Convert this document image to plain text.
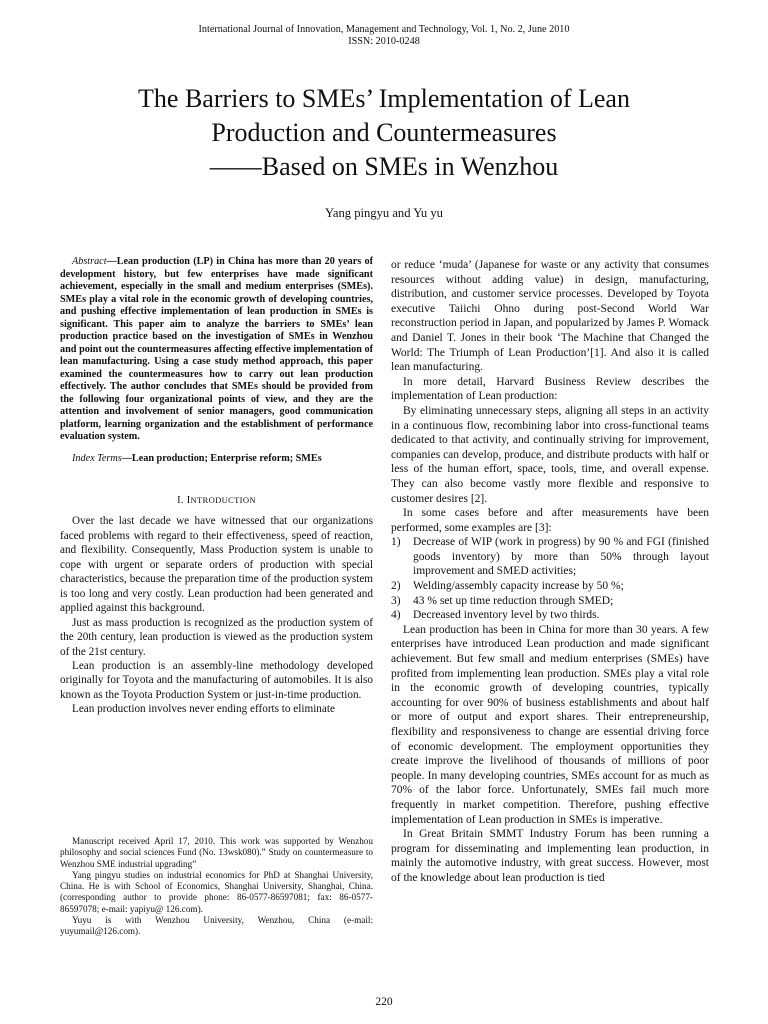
International Journal of Innovation, Management and Technology, Vol. 1, No. 2, June 2010
ISSN: 2010-0248
The Barriers to SMEs’ Implementation of Lean
Production and Countermeasures
——Based on SMEs in Wenzhou
Yang pingyu and Yu yu

Abstract—Lean production (LP) in China has more than 20 years of development history, but few enterprises have made significant achievement, especially in the small and medium enterprises (SMEs). SMEs play a vital role in the economic growth of developing countries, and pushing effective implementation of lean production in SMEs is significant. This paper aim to analyze the barriers to SMEs’ lean production practice based on the investigation of SMEs in Wenzhou and point out the countermeasures affecting effective implementation of lean manufacturing. Using a case study method approach, this paper examined the countermeasures how to carry out lean production effectively. The author concludes that SMEs should be provided from the following four organizational points of view, and they are the attention and involvement of senior managers, good communication platform, learning organization and the establishment of performance evaluation system.

Index Terms—Lean production; Enterprise reform; SMEs

I. INTRODUCTION

Over the last decade we have witnessed that our organizations faced problems with regard to their effectiveness, speed of reaction, and flexibility. Consequently, Mass Production system is unable to cope with urgent or separate orders of production with special characteristics, because the preparation time of the production system is too long and very costly. Lean production had been generated and applied against this background.

Just as mass production is recognized as the production system of the 20th century, lean production is viewed as the production system of the 21st century.

Lean production is an assembly-line methodology developed originally for Toyota and the manufacturing of automobiles. It is also known as the Toyota Production System or just-in-time production.

Lean production involves never ending efforts to eliminate

Manuscript received April 17, 2010. This work was supported by Wenzhou philosophy and social sciences Fund (No. 13wsk080).” Study on countermeasure to Wenzhou SME industrial upgrading”

Yang pingyu studies on industrial economics for PhD at Shanghai University, China. He is with School of Economics, Shanghai University, Shanghai, China. (corresponding author to provide phone: 86-0577-86597081; fax: 86-0577-86597078; e-mail: yapiyu@ 126.com).

Yuyu is with Wenzhou University, Wenzhou, China (e-mail: yuyumail@126.com).

or reduce ‘muda’ (Japanese for waste or any activity that consumes resources without adding value) in design, manufacturing, distribution, and customer service processes. Developed by Toyota executive Taiichi Ohno during post-Second World War reconstruction period in Japan, and popularized by James P. Womack and Daniel T. Jones in their book ‘The Machine that Changed the World: The Triumph of Lean Production’[1]. And also it is called lean manufacturing.

In more detail, Harvard Business Review describes the implementation of Lean production:

By eliminating unnecessary steps, aligning all steps in an activity in a continuous flow, recombining labor into cross-functional teams dedicated to that activity, and continually striving for improvement, companies can develop, produce, and distribute products with half or less of the human effort, space, tools, time, and overall expense. They can also become vastly more flexible and responsive to customer desires [2].

In some cases before and after measurements have been performed, some examples are [3]:

1)	Decrease of WIP (work in progress) by 90 % and FGI (finished goods inventory) by more than 50% through layout improvement and SMED activities;
2)	Welding/assembly capacity increase by 50 %;
3)	43 % set up time reduction through SMED;
4)	Decreased inventory level by two thirds.

Lean production has been in China for more than 30 years. A few enterprises have introduced Lean production and made significant achievement. But few small and medium enterprises (SMEs) have profited from implementing lean production. SMEs play a vital role in the economic growth of developing countries, typically accounting for over 90% of business establishments and about half or more of output and export shares. Their entrepreneurship, flexibility and responsiveness to change are essential driving force of economic development. The employment opportunities they create improve the livelihood of thousands of millions of poor people. In many developing countries, SMEs account for as much as 70% of the labor force. Unfortunately, SMEs fail much more frequently in market competition. Therefore, pushing effective implementation of Lean production in SMEs is imperative.

In Great Britain SMMT Industry Forum has been running a program for disseminating and implementing lean production, in mainly the automotive industry, with great success. However, most of the knowledge about lean production is tied

220
